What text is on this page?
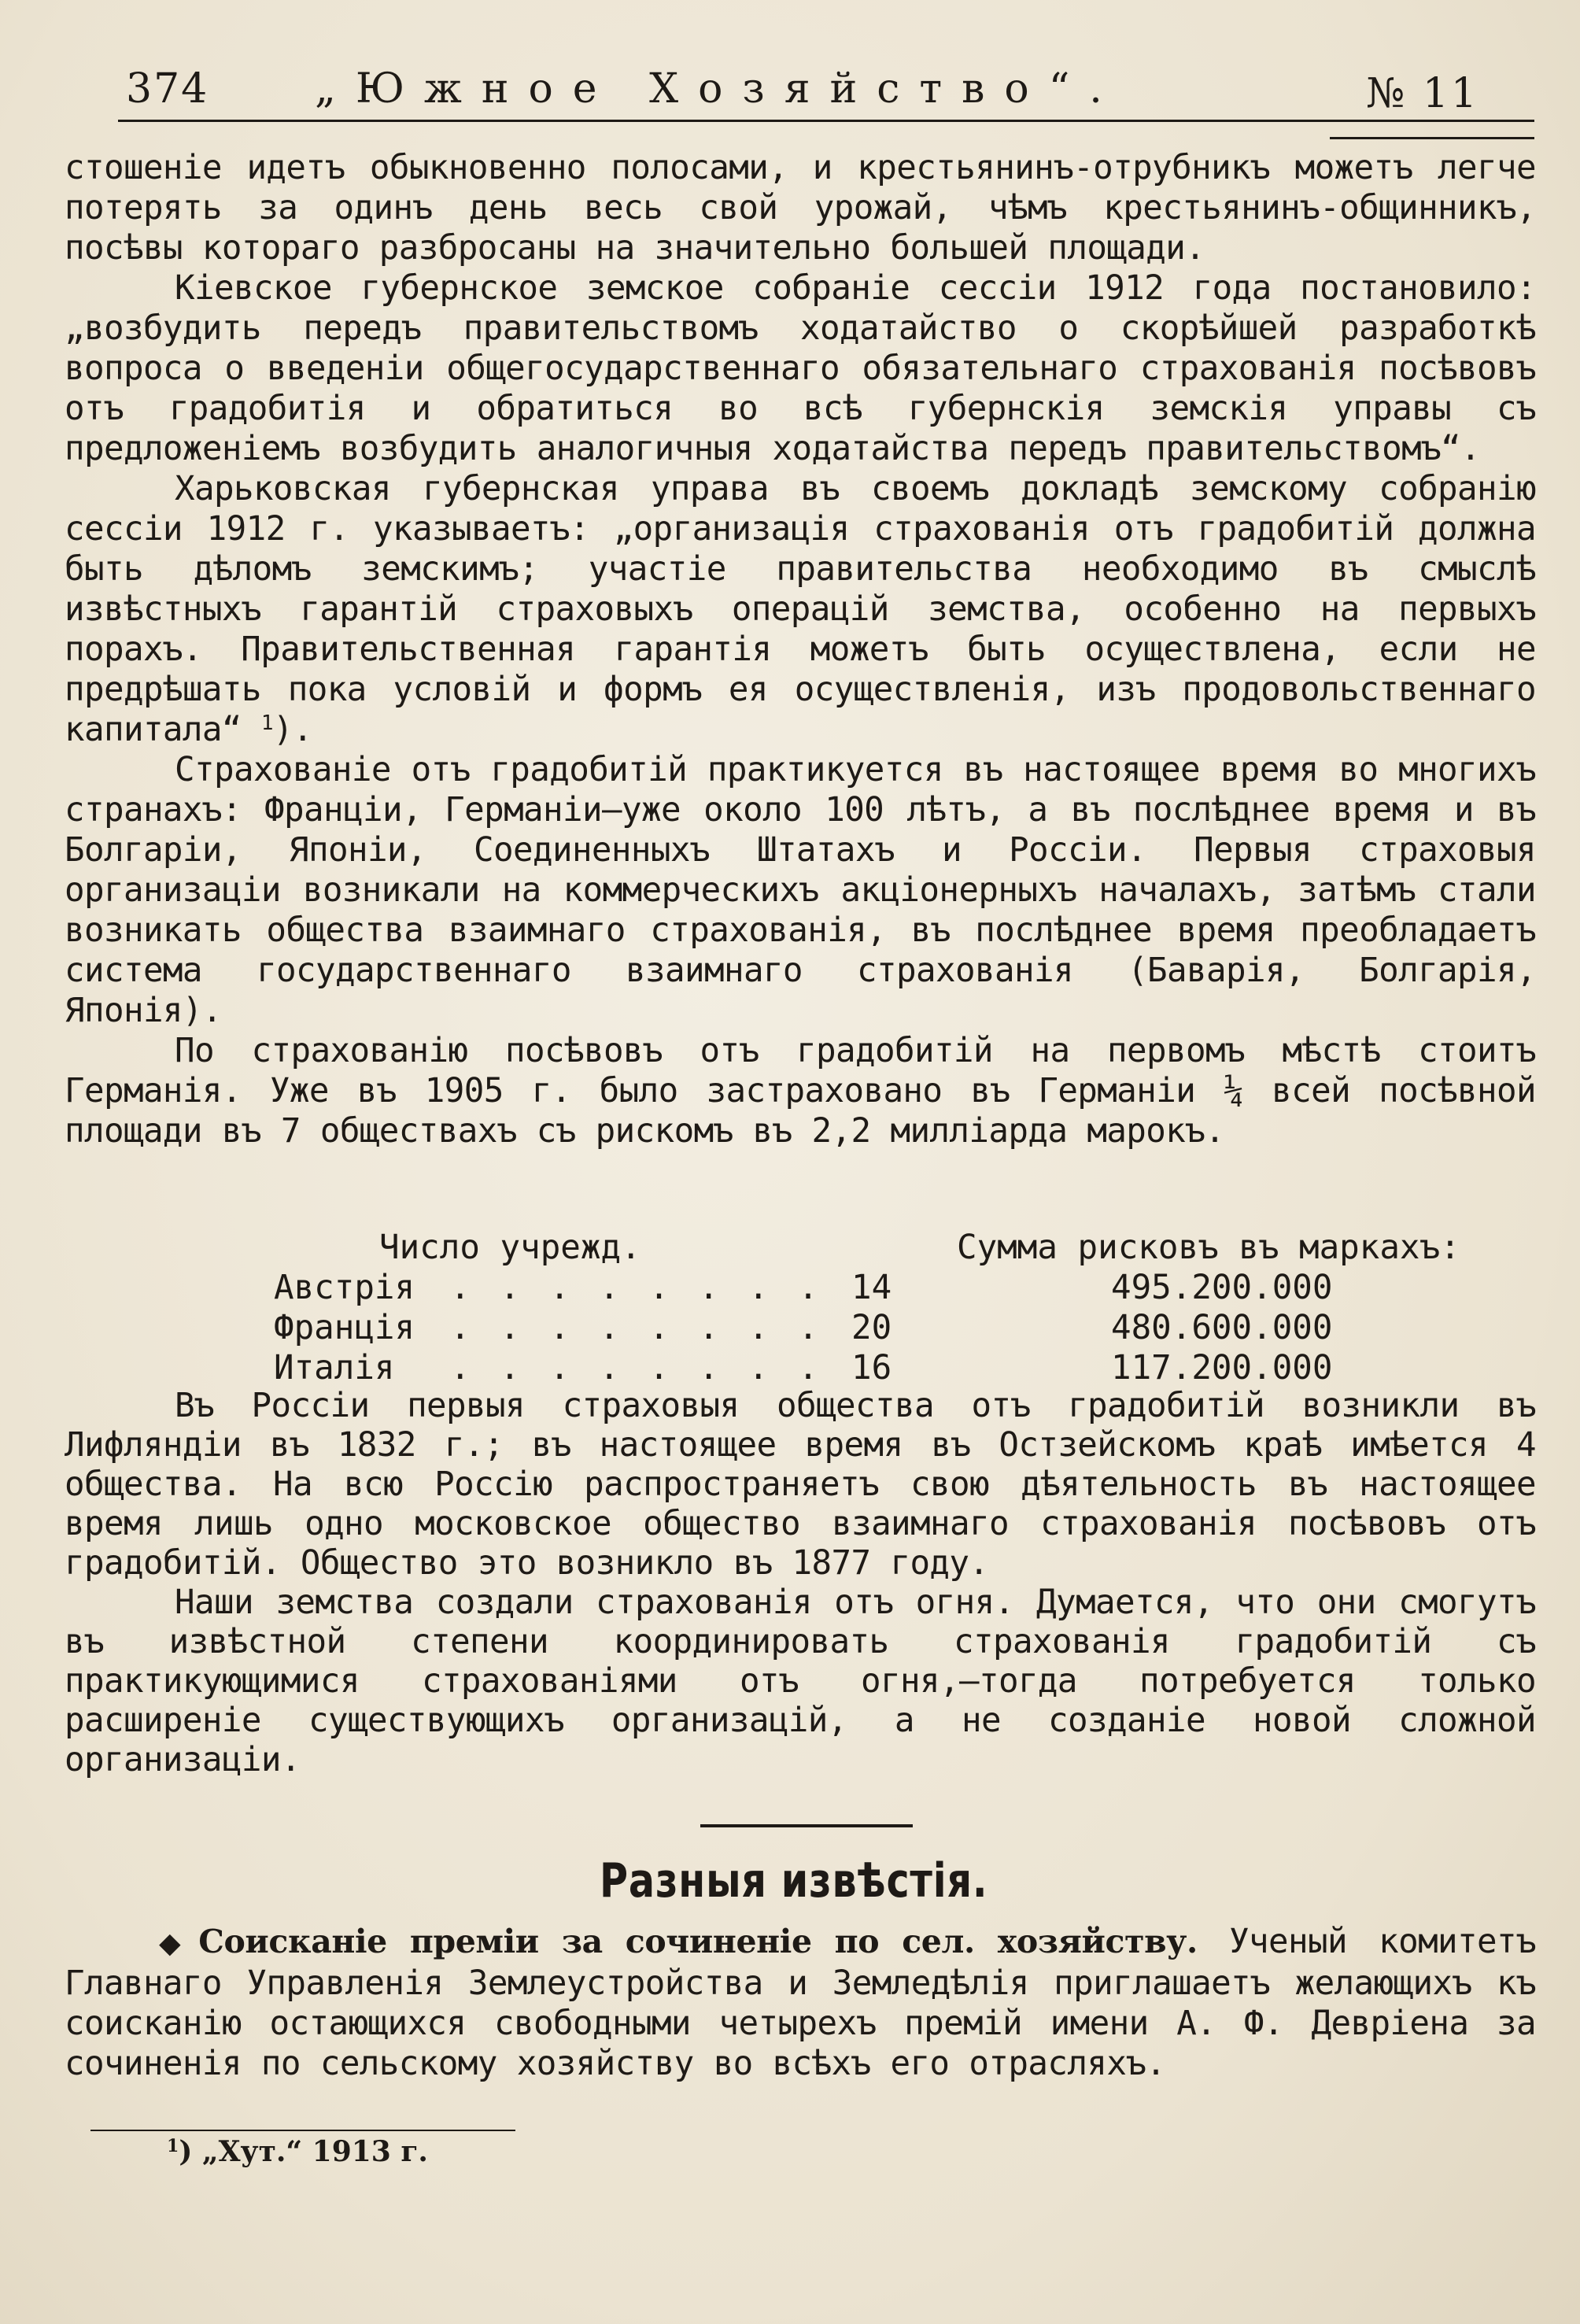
374	„Южное Хозяйство“.	№ 11

стошеніе идетъ обыкновенно полосами, и крестьянинъ-отрубникъ можетъ легче потерять за одинъ день весь свой урожай, чѣмъ крестьянинъ-общинникъ, посѣвы котораго разбросаны на значительно большей площади.

Кіевское губернское земское собраніе сессіи 1912 года постановило: „возбудить передъ правительствомъ ходатайство о скорѣйшей разработкѣ вопроса о введеніи общегосударственнаго обязательнаго страхованія посѣвовъ отъ градобитія и обратиться во всѣ губернскія земскія управы съ предложеніемъ возбудить аналогичныя ходатайства передъ правительствомъ“.

Харьковская губернская управа въ своемъ докладѣ земскому собранію сессіи 1912 г. указываетъ: „организація страхованія отъ градобитій должна быть дѣломъ земскимъ; участіе правительства необходимо въ смыслѣ извѣстныхъ гарантій страховыхъ операцій земства, особенно на первыхъ порахъ. Правительственная гарантія можетъ быть осуществлена, если не предрѣшать пока условій и формъ ея осуществленія, изъ продовольственнаго капитала“ $^1$).

Страхованіе отъ градобитій практикуется въ настоящее время во многихъ странахъ: Франціи, Германіи—уже около 100 лѣтъ, а въ послѣднее время и въ Болгаріи, Японіи, Соединенныхъ Штатахъ и Россіи. Первыя страховыя организаціи возникали на коммерческихъ акціонерныхъ началахъ, затѣмъ стали возникать общества взаимнаго страхованія, въ послѣднее время преобладаетъ система государственнаго взаимнаго страхованія (Баварія, Болгарія, Японія).

По страхованію посѣвовъ отъ градобитій на первомъ мѣстѣ стоитъ Германія. Уже въ 1905 г. было застраховано въ Германіи ¼ всей посѣвной площади въ 7 обществахъ съ рискомъ въ 2,2 миллiарда марокъ.

Число учрежд.	Сумма рисковъ въ маркахъ:
Австрія . . . . . . . . 14	495.200.000
Франція . . . . . . . . 20	480.600.000
Италія . . . . . . . . 16	117.200.000

Въ Россіи первыя страховыя общества отъ градобитій возникли въ Лифляндіи въ 1832 г.; въ настоящее время въ Остзейскомъ краѣ имѣется 4 общества. На всю Россію распространяетъ свою дѣятельность въ настоящее время лишь одно московское общество взаимнаго страхованія посѣвовъ отъ градобитій. Общество это возникло въ 1877 году.

Наши земства создали страхованія отъ огня. Думается, что они смогутъ въ извѣстной степени координировать страхованія градобитій съ практикующимися страхованіями отъ огня,—тогда потребуется только расширеніе существующихъ организацій, а не созданіе новой сложной организаціи.

Разныя извѣстія.

◆ Соисканіе преміи за сочиненіе по сел. хозяйству. Ученый комитетъ Главнаго Управленія Землеустройства и Земледѣлія приглашаетъ желающихъ къ соисканію остающихся свободными четырехъ премій имени А. Ф. Девріена за сочиненія по сельскому хозяйству во всѣхъ его отрасляхъ.

$^1$) „Хут.“ 1913 г.
